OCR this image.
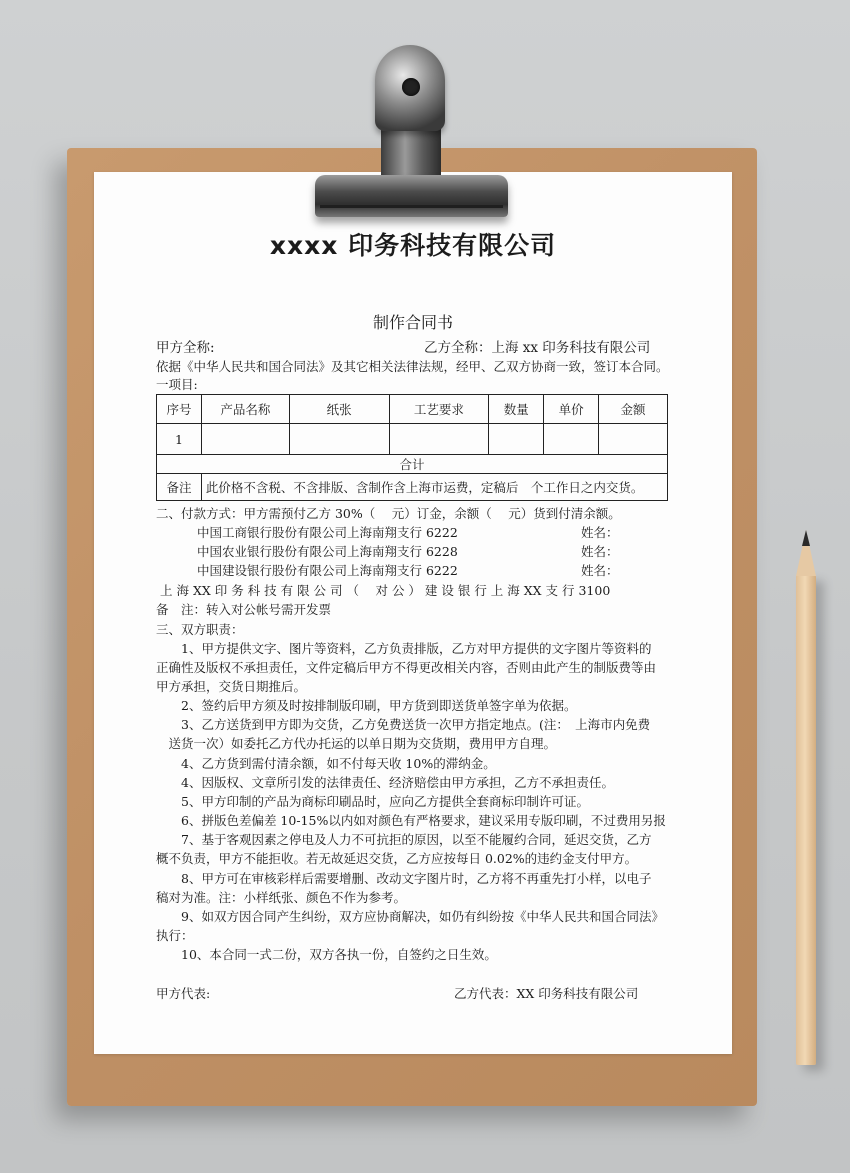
xxxx 印务科技有限公司
制作合同书
甲方全称:	乙方全称：上海 xx 印务科技有限公司
依据《中华人民共和国合同法》及其它相关法律法规，经甲、乙双方协商一致，签订本合同。
一项目:
序号	产品名称	纸张	工艺要求	数量	单价	金额
1						
合计						
备注	此价格不含税、不含排版、含制作含上海市运费，定稿后　个工作日之内交货。					
二、付款方式：甲方需预付乙方 30%（　 元）订金，余额（　 元）货到付清余额。
中国工商银行股份有限公司上海南翔支行 6222	姓名：
中国农业银行股份有限公司上海南翔支行 6228	姓名：
中国建设银行股份有限公司上海南翔支行 6222	姓名：
上 海 XX 印 务 科 技 有 限 公 司 （　 对 公 ） 建 设 银 行 上 海 XX 支 行 3100
备　注：转入对公帐号需开发票
三、双方职责：
　　1、甲方提供文字、图片等资料，乙方负责排版，乙方对甲方提供的文字图片等资料的
正确性及版权不承担责任，文件定稿后甲方不得更改相关内容，否则由此产生的制版费等由
甲方承担，交货日期推后。
　　2、签约后甲方须及时按排制版印刷，甲方货到即送货单签字单为依据。
　　3、乙方送货到甲方即为交货，乙方免费送货一次甲方指定地点。(注：　上海市内免费
　送货一次）如委托乙方代办托运的以单日期为交货期，费用甲方自理。
　　4、乙方货到需付清余额，如不付每天收 10%的滞纳金。
　　4、因版权、文章所引发的法律责任、经济赔偿由甲方承担，乙方不承担责任。
　　5、甲方印制的产品为商标印刷品时，应向乙方提供全套商标印制许可证。
　　6、拼版色差偏差 10-15%以内如对颜色有严格要求，建议采用专版印刷，不过费用另报
　　7、基于客观因素之停电及人力不可抗拒的原因，以至不能履约合同，延迟交货，乙方
概不负责，甲方不能拒收。若无故延迟交货，乙方应按每日 0.02%的违约金支付甲方。
　　8、甲方可在审核彩样后需要增删、改动文字图片时，乙方将不再重先打小样，以电子
稿对为准。注：小样纸张、颜色不作为参考。
　　9、如双方因合同产生纠纷，双方应协商解决，如仍有纠纷按《中华人民共和国合同法》
执行：
　　10、本合同一式二份，双方各执一份，自签约之日生效。
甲方代表:	乙方代表：XX 印务科技有限公司
